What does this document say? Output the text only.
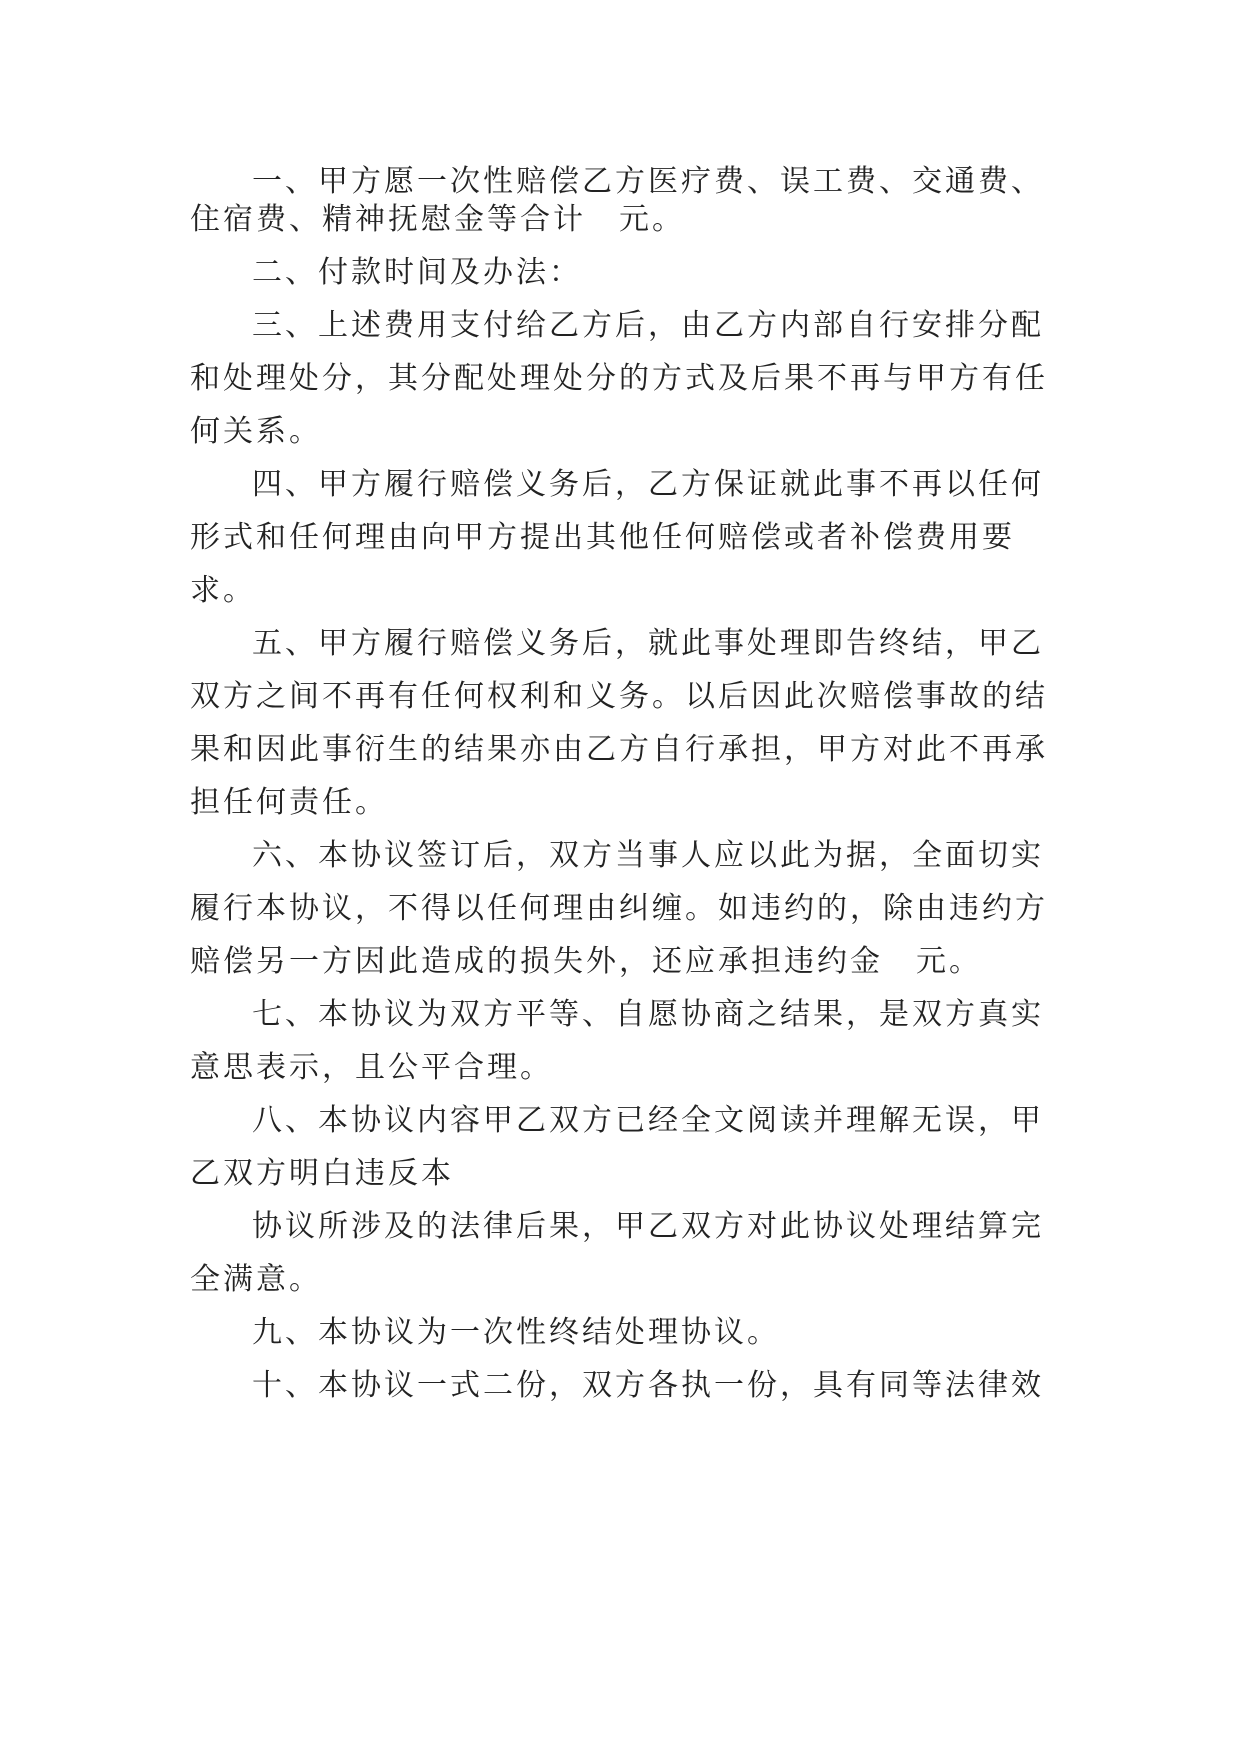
一、甲方愿一次性赔偿乙方医疗费、误工费、交通费、
住宿费、精神抚慰金等合计　元。
二、付款时间及办法：
三、上述费用支付给乙方后，由乙方内部自行安排分配
和处理处分，其分配处理处分的方式及后果不再与甲方有任
何关系。
四、甲方履行赔偿义务后，乙方保证就此事不再以任何
形式和任何理由向甲方提出其他任何赔偿或者补偿费用要
求。
五、甲方履行赔偿义务后，就此事处理即告终结，甲乙
双方之间不再有任何权利和义务。以后因此次赔偿事故的结
果和因此事衍生的结果亦由乙方自行承担，甲方对此不再承
担任何责任。
六、本协议签订后，双方当事人应以此为据，全面切实
履行本协议，不得以任何理由纠缠。如违约的，除由违约方
赔偿另一方因此造成的损失外，还应承担违约金　元。
七、本协议为双方平等、自愿协商之结果，是双方真实
意思表示，且公平合理。
八、本协议内容甲乙双方已经全文阅读并理解无误，甲
乙双方明白违反本
协议所涉及的法律后果，甲乙双方对此协议处理结算完
全满意。
九、本协议为一次性终结处理协议。
十、本协议一式二份，双方各执一份，具有同等法律效
